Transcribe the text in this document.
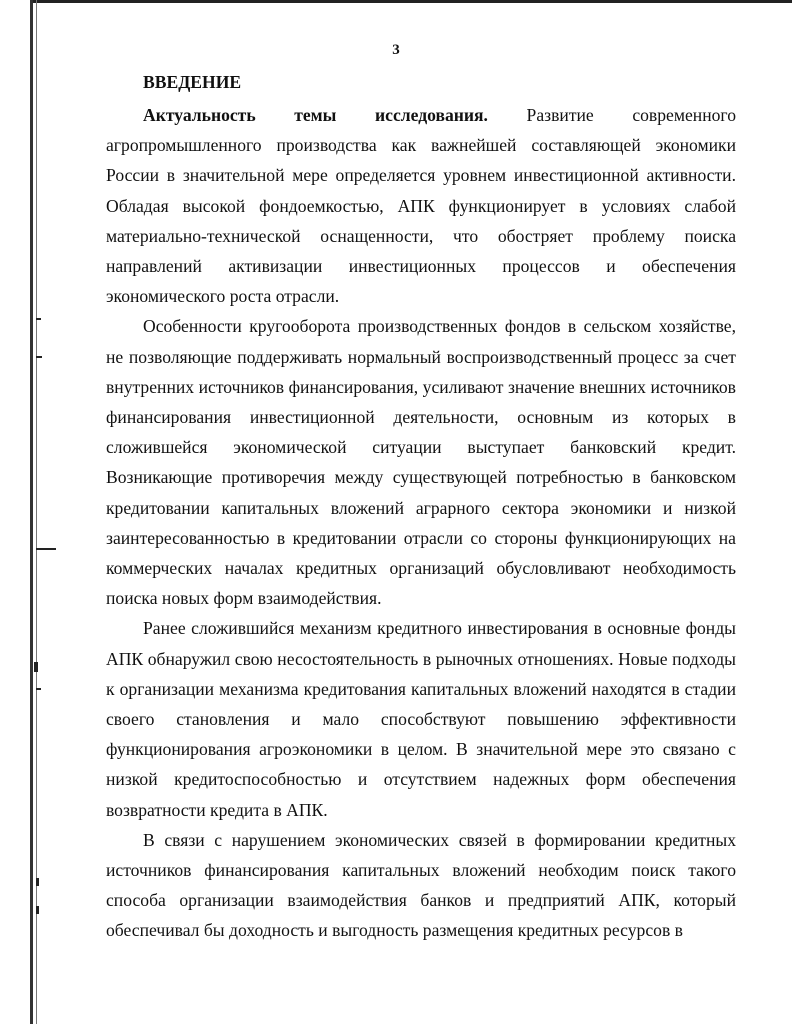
3
ВВЕДЕНИЕ

Актуальность темы исследования. Развитие современного агропромышленного производства как важнейшей составляющей экономики России в значительной мере определяется уровнем инвестиционной активности. Обладая высокой фондоемкостью, АПК функционирует в условиях слабой материально-технической оснащенности, что обостряет проблему поиска направлений активизации инвестиционных процессов и обеспечения экономического роста отрасли.

Особенности кругооборота производственных фондов в сельском хозяйстве, не позволяющие поддерживать нормальный воспроизводственный процесс за счет внутренних источников финансирования, усиливают значение внешних источников финансирования инвестиционной деятельности, основным из которых в сложившейся экономической ситуации выступает банковский кредит. Возникающие противоречия между существующей потребностью в банковском кредитовании капитальных вложений аграрного сектора экономики и низкой заинтересованностью в кредитовании отрасли со стороны функционирующих на коммерческих началах кредитных организаций обусловливают необходимость поиска новых форм взаимодействия.

Ранее сложившийся механизм кредитного инвестирования в основные фонды АПК обнаружил свою несостоятельность в рыночных отношениях. Новые подходы к организации механизма кредитования капитальных вложений находятся в стадии своего становления и мало способствуют повышению эффективности функционирования агроэкономики в целом. В значительной мере это связано с низкой кредитоспособностью и отсутствием надежных форм обеспечения возвратности кредита в АПК.

В связи с нарушением экономических связей в формировании кредитных источников финансирования капитальных вложений необходим поиск такого способа организации взаимодействия банков и предприятий АПК, который обеспечивал бы доходность и выгодность размещения кредитных ресурсов в
